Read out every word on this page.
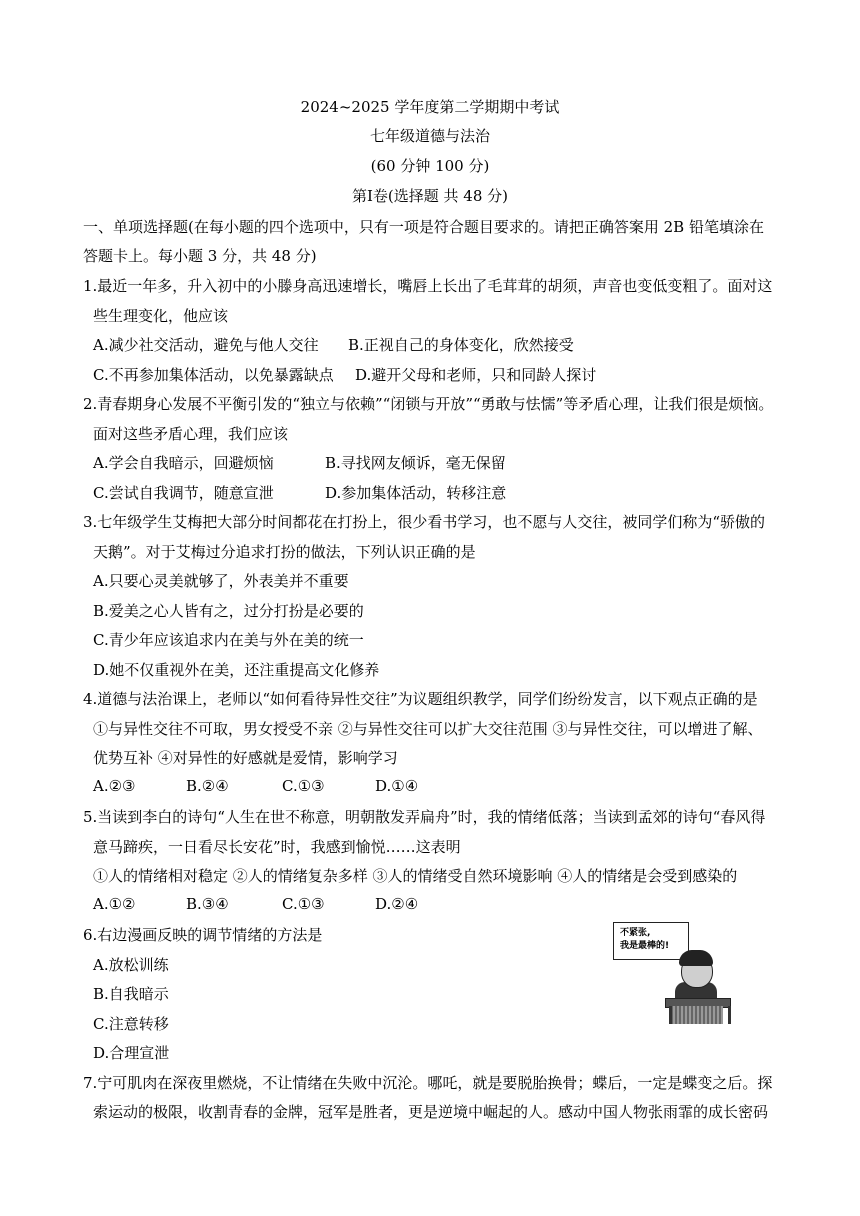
2024~2025 学年度第二学期期中考试
七年级道德与法治
(60 分钟 100 分)
第Ⅰ卷(选择题 共 48 分)
一、单项选择题(在每小题的四个选项中，只有一项是符合题目要求的。请把正确答案用 2B 铅笔填涂在
答题卡上。每小题 3 分，共 48 分)
1.最近一年多，升入初中的小滕身高迅速增长，嘴唇上长出了毛茸茸的胡须，声音也变低变粗了。面对这
些生理变化，他应该
A.减少社交活动，避免与他人交往 B.正视自己的身体变化，欣然接受
C.不再参加集体活动，以免暴露缺点 D.避开父母和老师，只和同龄人探讨
2.青春期身心发展不平衡引发的“独立与依赖”“闭锁与开放”“勇敢与怯懦”等矛盾心理，让我们很是烦恼。
面对这些矛盾心理，我们应该
A.学会自我暗示，回避烦恼	B.寻找网友倾诉，毫无保留
C.尝试自我调节，随意宣泄	D.参加集体活动，转移注意
3.七年级学生艾梅把大部分时间都花在打扮上，很少看书学习，也不愿与人交往，被同学们称为“骄傲的
天鹅”。对于艾梅过分追求打扮的做法，下列认识正确的是
A.只要心灵美就够了，外表美并不重要
B.爱美之心人皆有之，过分打扮是必要的
C.青少年应该追求内在美与外在美的统一
D.她不仅重视外在美，还注重提高文化修养
4.道德与法治课上，老师以“如何看待异性交往”为议题组织教学，同学们纷纷发言，以下观点正确的是
①与异性交往不可取，男女授受不亲 ②与异性交往可以扩大交往范围 ③与异性交往，可以增进了解、
优势互补 ④对异性的好感就是爱情，影响学习
A.②③	B.②④	C.①③	D.①④
5.当读到李白的诗句“人生在世不称意，明朝散发弄扁舟”时，我的情绪低落；当读到孟郊的诗句“春风得
意马蹄疾，一日看尽长安花”时，我感到愉悦……这表明
①人的情绪相对稳定 ②人的情绪复杂多样 ③人的情绪受自然环境影响 ④人的情绪是会受到感染的
A.①②	B.③④	C.①③	D.②④
6.右边漫画反映的调节情绪的方法是
A.放松训练
B.自我暗示
C.注意转移
D.合理宣泄
不紧张,
我是最棒的!
7.宁可肌肉在深夜里燃烧，不让情绪在失败中沉沦。哪吒，就是要脱胎换骨；蝶后，一定是蝶变之后。探
索运动的极限，收割青春的金牌，冠军是胜者，更是逆境中崛起的人。感动中国人物张雨霏的成长密码
